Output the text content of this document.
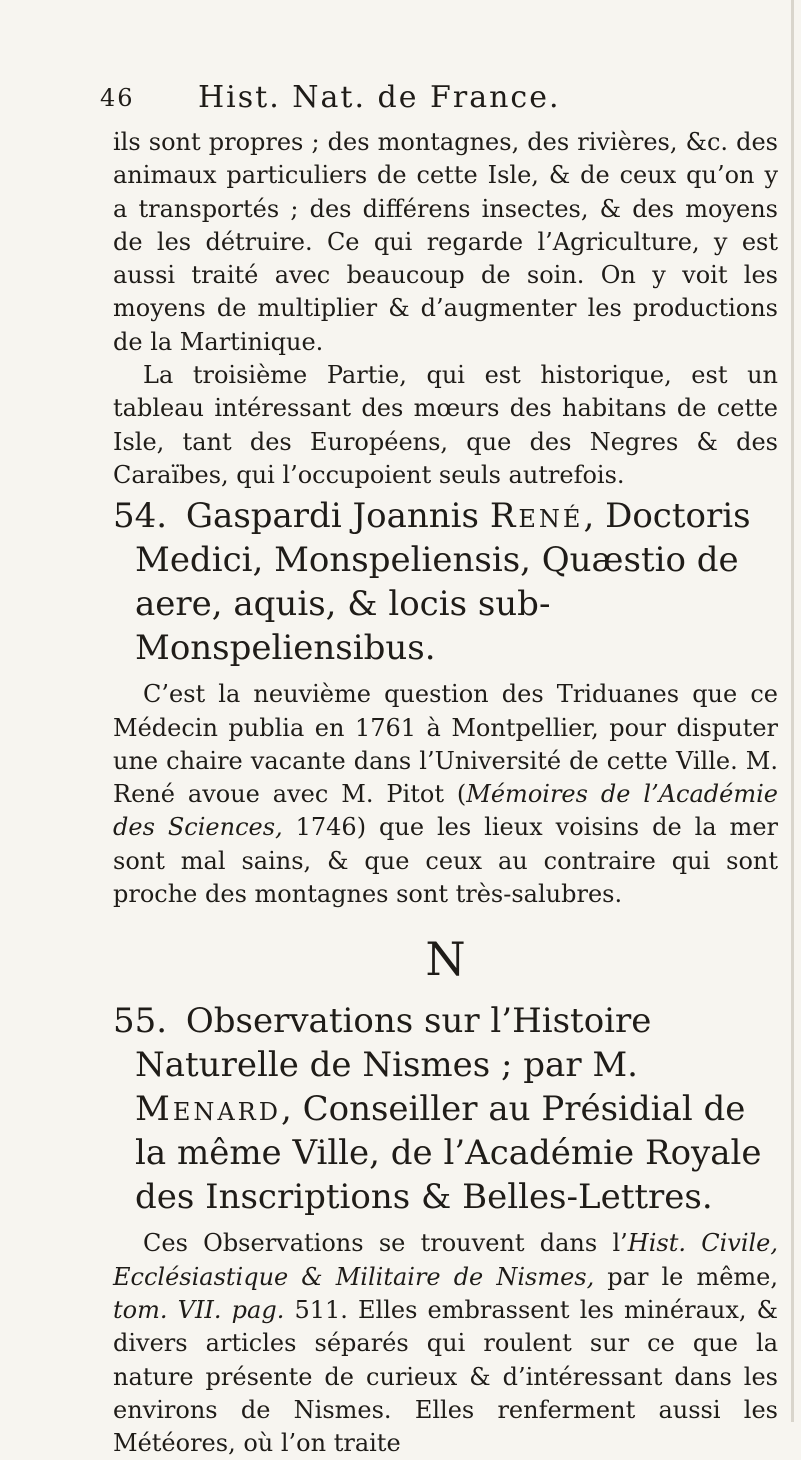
46 Hist. Nat. de France.

ils sont propres ; des montagnes, des rivières, &c. des animaux particuliers de cette Isle, & de ceux qu’on y a transportés ; des différens insectes, & des moyens de les détruire. Ce qui regarde l’Agriculture, y est aussi traité avec beaucoup de soin. On y voit les moyens de multiplier & d’augmenter les productions de la Martinique.

La troisième Partie, qui est historique, est un tableau intéressant des mœurs des habitans de cette Isle, tant des Européens, que des Negres & des Caraïbes, qui l’occupoient seuls autrefois.

54. Gaspardi Joannis René, Doctoris Medici, Monspeliensis, Quæstio de aere, aquis, & locis sub-Monspeliensibus.

C’est la neuvième question des Triduanes que ce Médecin publia en 1761 à Montpellier, pour disputer une chaire vacante dans l’Université de cette Ville. M. René avoue avec M. Pitot (Mémoires de l’Académie des Sciences, 1746) que les lieux voisins de la mer sont mal sains, & que ceux au contraire qui sont proche des montagnes sont très-salubres.

N
55. Observations sur l’Histoire Naturelle de Nismes ; par M. Menard, Conseiller au Présidial de la même Ville, de l’Académie Royale des Inscriptions & Belles-Lettres.

Ces Observations se trouvent dans l’Hist. Civile, Ecclésiastique & Militaire de Nismes, par le même, tom. VII. pag. 511. Elles embrassent les minéraux, & divers articles séparés qui roulent sur ce que la nature présente de curieux & d’intéressant dans les environs de Nismes. Elles renferment aussi les Météores, où l’on traite
